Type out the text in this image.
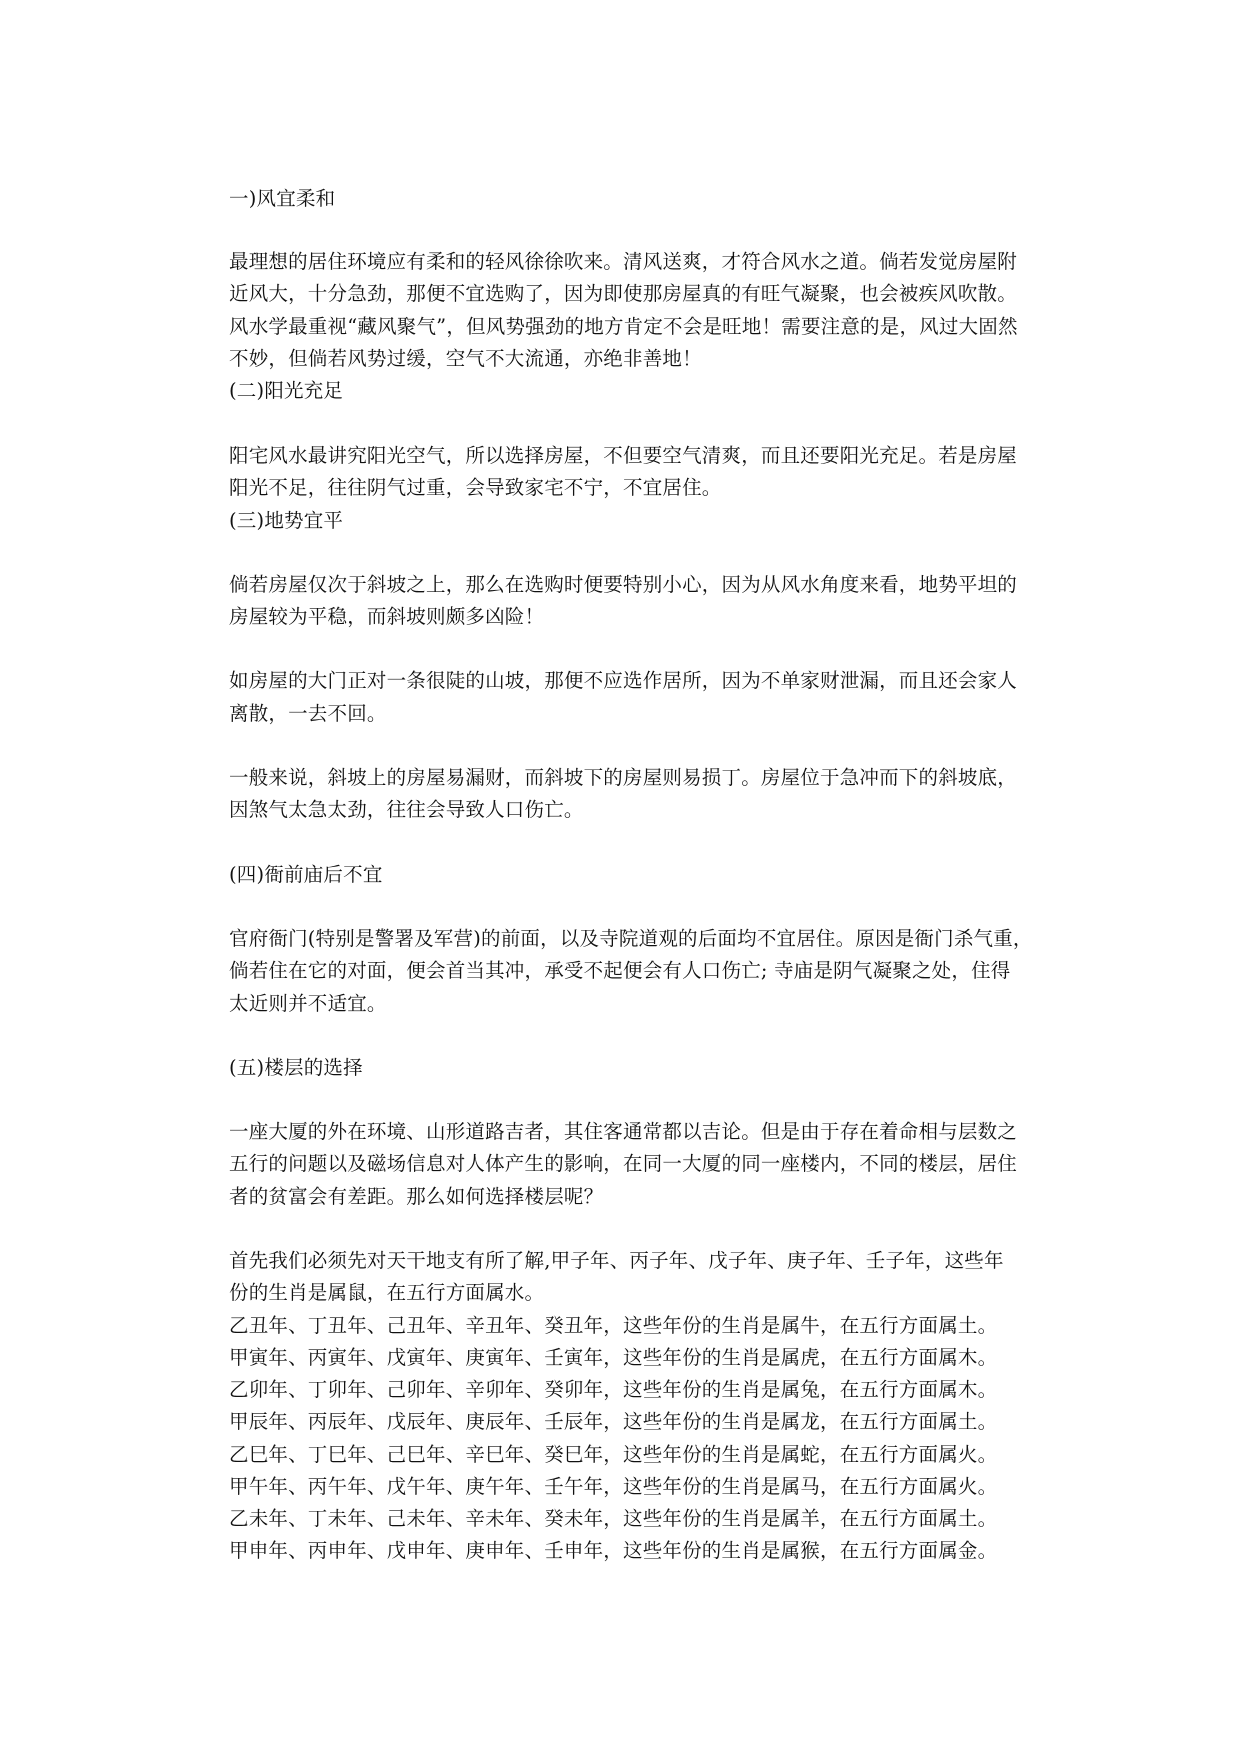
一)风宜柔和

最理想的居住环境应有柔和的轻风徐徐吹来。清风送爽，才符合风水之道。倘若发觉房屋附

近风大，十分急劲，那便不宜选购了，因为即使那房屋真的有旺气凝聚，也会被疾风吹散。

风水学最重视“藏风聚气”，但风势强劲的地方肯定不会是旺地！需要注意的是，风过大固然

不妙，但倘若风势过缓，空气不大流通，亦绝非善地！

(二)阳光充足

阳宅风水最讲究阳光空气，所以选择房屋，不但要空气清爽，而且还要阳光充足。若是房屋

阳光不足，往往阴气过重，会导致家宅不宁，不宜居住。

(三)地势宜平

倘若房屋仅次于斜坡之上，那么在选购时便要特别小心，因为从风水角度来看，地势平坦的

房屋较为平稳，而斜坡则颇多凶险！

如房屋的大门正对一条很陡的山坡，那便不应选作居所，因为不单家财泄漏，而且还会家人

离散，一去不回。

一般来说，斜坡上的房屋易漏财，而斜坡下的房屋则易损丁。房屋位于急冲而下的斜坡底，

因煞气太急太劲，往往会导致人口伤亡。

(四)衙前庙后不宜

官府衙门(特别是警署及军营)的前面，以及寺院道观的后面均不宜居住。原因是衙门杀气重，

倘若住在它的对面，便会首当其冲，承受不起便会有人口伤亡; 寺庙是阴气凝聚之处，住得

太近则并不适宜。

(五)楼层的选择

一座大厦的外在环境、山形道路吉者，其住客通常都以吉论。但是由于存在着命相与层数之

五行的问题以及磁场信息对人体产生的影响，在同一大厦的同一座楼内，不同的楼层，居住

者的贫富会有差距。那么如何选择楼层呢？

首先我们必须先对天干地支有所了解,甲子年、丙子年、戊子年、庚子年、壬子年，这些年

份的生肖是属鼠，在五行方面属水。

乙丑年、丁丑年、己丑年、辛丑年、癸丑年，这些年份的生肖是属牛，在五行方面属土。

甲寅年、丙寅年、戊寅年、庚寅年、壬寅年，这些年份的生肖是属虎，在五行方面属木。

乙卯年、丁卯年、己卯年、辛卯年、癸卯年，这些年份的生肖是属兔，在五行方面属木。

甲辰年、丙辰年、戊辰年、庚辰年、壬辰年，这些年份的生肖是属龙，在五行方面属土。

乙巳年、丁巳年、己巳年、辛巳年、癸巳年，这些年份的生肖是属蛇，在五行方面属火。

甲午年、丙午年、戊午年、庚午年、壬午年，这些年份的生肖是属马，在五行方面属火。

乙未年、丁未年、己未年、辛未年、癸未年，这些年份的生肖是属羊，在五行方面属土。

甲申年、丙申年、戊申年、庚申年、壬申年，这些年份的生肖是属猴，在五行方面属金。
